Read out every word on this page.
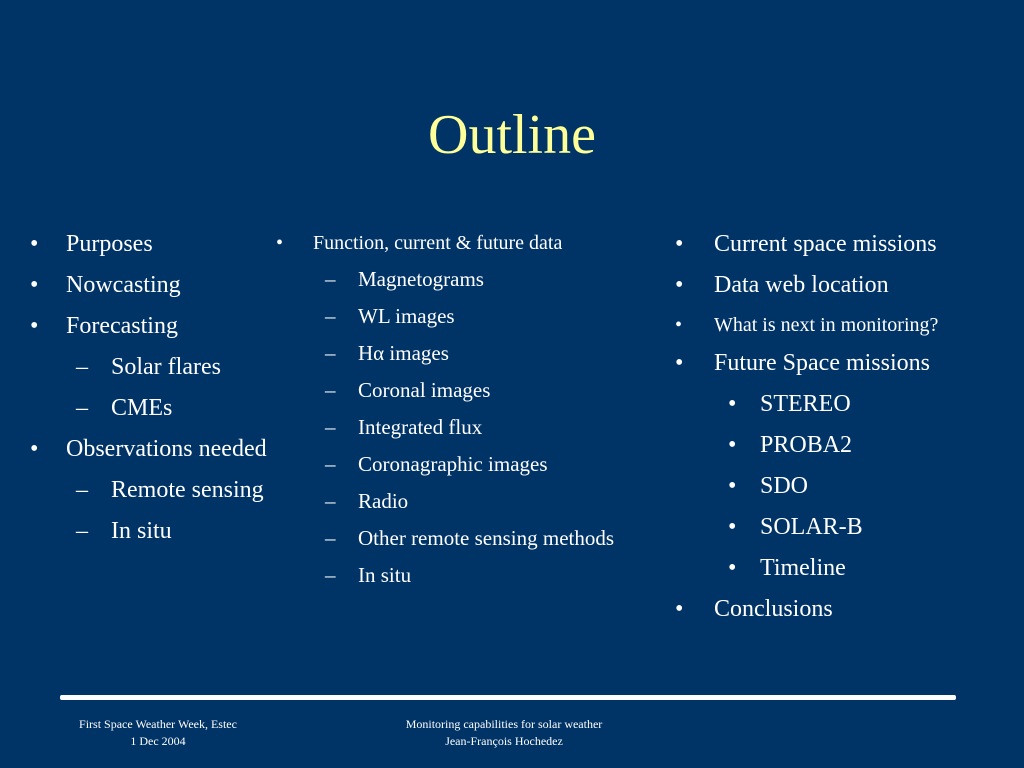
Outline
• Purposes
• Nowcasting
• Forecasting
– Solar flares
– CMEs
• Observations needed
– Remote sensing
– In situ
• Function, current & future data
– Magnetograms
– WL images
– Hα images
– Coronal images
– Integrated flux
– Coronagraphic images
– Radio
– Other remote sensing methods
– In situ
• Current space missions
• Data web location
• What is next in monitoring?
• Future Space missions
• STEREO
• PROBA2
• SDO
• SOLAR-B
• Timeline
• Conclusions
First Space Weather Week, Estec
1 Dec 2004
Monitoring capabilities for solar weather
Jean-François Hochedez
